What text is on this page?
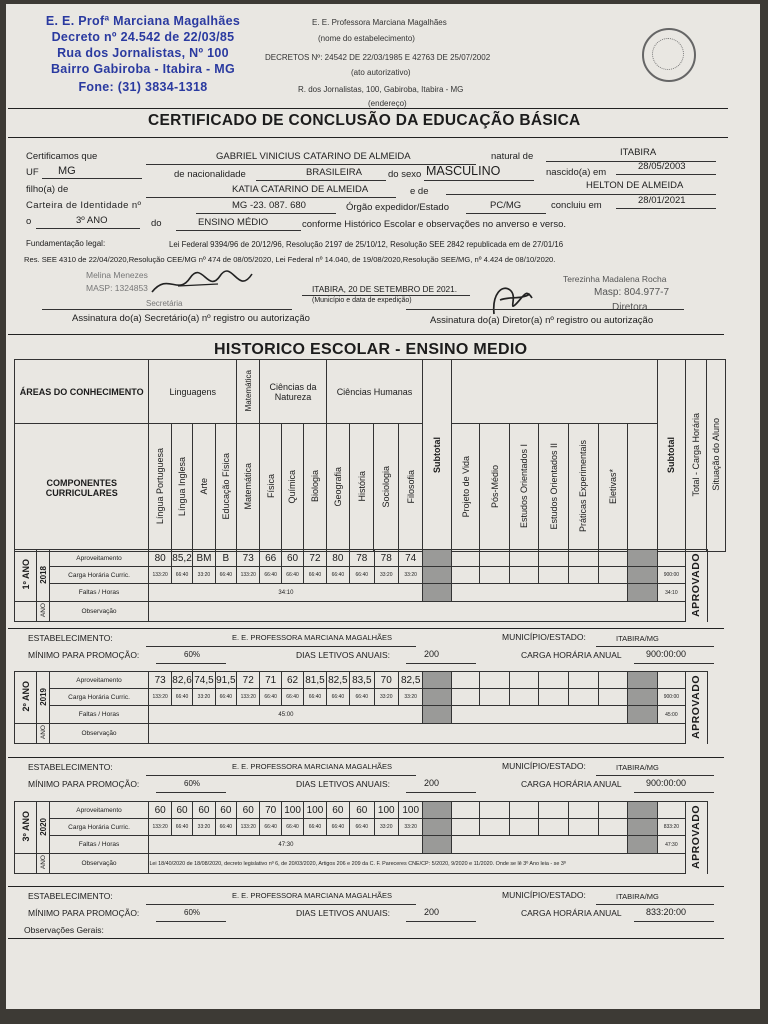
E. E. Profª Marciana Magalhães
Decreto nº 24.542 de 22/03/85
Rua dos Jornalistas, Nº 100
Bairro Gabiroba - Itabira - MG
Fone: (31) 3834-1318
E. E. Professora Marciana Magalhães
(nome do estabelecimento)
DECRETOS Nº: 24542 DE 22/03/1985 E 42763 DE 25/07/2002
(ato autorizativo)
R. dos Jornalistas, 100, Gabiroba, Itabira - MG
(endereço)
CERTIFICADO DE CONCLUSÃO DA EDUCAÇÃO BÁSICA
Certificamos que	GABRIEL VINICIUS CATARINO DE ALMEIDA	natural de	ITABIRA
UF MG	de nacionalidade	BRASILEIRA	do sexo MASCULINO	nascido(a) em
28/05/2003
filho(a) de	KATIA CATARINO DE ALMEIDA	e de
HELTON DE ALMEIDA
Carteira de Identidade nº	MG -23. 087. 680	Órgão expedidor/Estado	PC/MG	concluiu em	28/01/2021
o	3º ANO	do	ENSINO MÉDIO	conforme Histórico Escolar e observações no anverso e verso.
Fundamentação legal:	Lei Federal 9394/96 de 20/12/96, Resolução 2197 de 25/10/12, Resolução SEE 2842 republicada em de 27/01/16
Res. SEE 4310 de 22/04/2020,Resolução CEE/MG nº 474 de 08/05/2020, Lei Federal nº 14.040, de 19/08/2020,Resolução SEE/MG, nº 4.424 de 08/10/2020.
Melina Menezes
MASP: 1324853
Secretária
ITABIRA, 20 DE SETEMBRO DE 2021.
(Município e data de expedição)
Terezinha Madalena Rocha
Masp: 804.977-7
Diretora
Assinatura do(a) Secretário(a) nº registro ou autorização	Assinatura do(a) Diretor(a) nº registro ou autorização
HISTORICO ESCOLAR - ENSINO MEDIO
ÁREAS DO CONHECIMENTO	Linguagens				Matemática	Ciências da Natureza			Ciências Humanas				Subtotal								Subtotal	Total - Carga Horária	Situação do Aluno
COMPONENTES CURRICULARES	Língua Portuguesa	Língua Inglesa	Arte	Educação Física	Matemática	Física	Química	Biologia	Geografia	História	Sociologia	Filosofia		Projeto de Vida	Pós-Médio	Estudos Orientados I	Estudos Orientados II	Práticas Experimentais	Eletivas*				
1º ANO	2018	Aproveitamento	80	85,2	BM	B	73	66	60	72	80	78	78	74										APROVADO
		Carga Horária Curric.	133:20	66:40	33:20	66:40	133:20	66:40	66:40	66:40	66:40	66:40	33:20	33:20									900:00	
		Faltas / Horas	34:10																				34:10	
	ANO	Observação																						
ESTABELECIMENTO:	E. E. PROFESSORA MARCIANA MAGALHÃES	MUNICÍPIO/ESTADO:	ITABIRA/MG
MÍNIMO PARA PROMOÇÃO:	60%	DIAS LETIVOS ANUAIS:	200	CARGA HORÁRIA ANUAL	900:00:00
2º ANO	2019	Aproveitamento	73	82,6	74,5	91,5	72	71	62	81,5	82,5	83,5	70	82,5										APROVADO
		Carga Horária Curric.	133:20	66:40	33:20	66:40	133:20	66:40	66:40	66:40	66:40	66:40	33:20	33:20									900:00	
		Faltas / Horas	45:00																				45:00	
	ANO	Observação																						
ESTABELECIMENTO:	E. E. PROFESSORA MARCIANA MAGALHÃES	MUNICÍPIO/ESTADO:	ITABIRA/MG
MÍNIMO PARA PROMOÇÃO:	60%	DIAS LETIVOS ANUAIS:	200	CARGA HORÁRIA ANUAL	900:00:00
3º ANO	2020	Aproveitamento	60	60	60	60	60	70	100	100	60	60	100	100										APROVADO
		Carga Horária Curric.	133:20	66:40	33:20	66:40	133:20	66:40	66:40	66:40	66:40	66:40	33:20	33:20									833:20	
		Faltas / Horas	47:30																				47:30	
	ANO	Observação	Lei 18/40/2020 de 18/08/2020, decreto legislativo nº 6, de 20/03/2020, Artigos 206 e 209 da C. F. Pareceres CNE/CP: 5/2020, 9/2020 e 11/2020. Onde se lê 3º Ano leia - se 3º																					
ESTABELECIMENTO:	E. E. PROFESSORA MARCIANA MAGALHÃES	MUNICÍPIO/ESTADO:	ITABIRA/MG
MÍNIMO PARA PROMOÇÃO:	60%	DIAS LETIVOS ANUAIS:	200	CARGA HORÁRIA ANUAL	833:20:00
Observações Gerais:
